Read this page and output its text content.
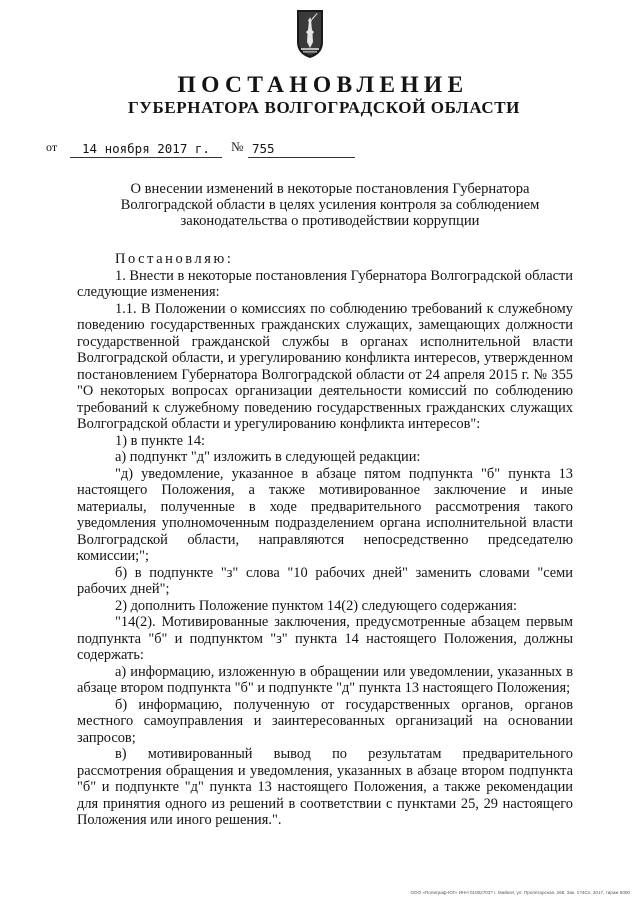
ПОСТАНОВЛЕНИЕ
ГУБЕРНАТОРА ВОЛГОГРАДСКОЙ ОБЛАСТИ
от 14 ноября 2017 г. № 755
О внесении изменений в некоторые постановления Губернатора
Волгоградской области в целях усиления контроля за соблюдением
законодательства о противодействии коррупции

Постановляю:

1. Внести в некоторые постановления Губернатора Волгоградской области следующие изменения:

1.1. В Положении о комиссиях по соблюдению требований к служебному поведению государственных гражданских служащих, замещающих должности государственной гражданской службы в органах исполнительной власти Волгоградской области, и урегулированию конфликта интересов, утвержденном постановлением Губернатора Волгоградской области от 24 апреля 2015 г. № 355 "О некоторых вопросах организации деятельности комиссий по соблюдению требований к служебному поведению государственных гражданских служащих Волгоградской области и урегулированию конфликта интересов":

1) в пункте 14:

а) подпункт "д" изложить в следующей редакции:

"д) уведомление, указанное в абзаце пятом подпункта "б" пункта 13 настоящего Положения, а также мотивированное заключение и иные материалы, полученные в ходе предварительного рассмотрения такого уведомления уполномоченным подразделением органа исполнительной власти Волгоградской области, направляются непосредственно председателю комиссии;";

б) в подпункте "з" слова "10 рабочих дней" заменить словами "семи рабочих дней";

2) дополнить Положение пунктом 14(2) следующего содержания:

"14(2). Мотивированные заключения, предусмотренные абзацем первым подпункта "б" и подпунктом "з" пункта 14 настоящего Положения, должны содержать:

а) информацию, изложенную в обращении или уведомлении, указанных в абзаце втором подпункта "б" и подпункте "д" пункта 13 настоящего Положения;

б) информацию, полученную от государственных органов, органов местного самоуправления и заинтересованных организаций на основании запросов;

в) мотивированный вывод по результатам предварительного рассмотрения обращения и уведомления, указанных в абзаце втором подпункта "б" и подпункте "д" пункта 13 настоящего Положения, а также рекомендации для принятия одного из решений в соответствии с пунктами 25, 29 настоящего Положения или иного решения.".

ООО «Полиграф-ЮГ» ИНН 01002703? г. Майкоп, ул. Пролетарская, 268. Зак. 1?4Сл, 2017, тираж 5000
